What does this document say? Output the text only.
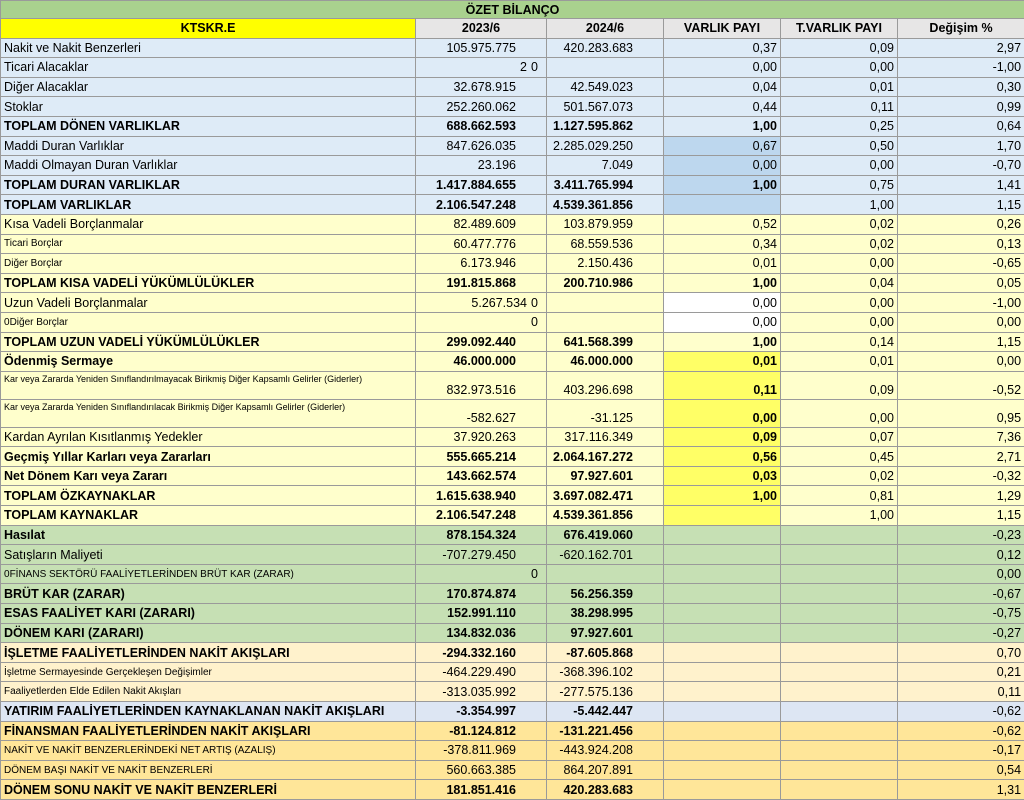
ÖZET BİLANÇO					
KTSKR.E	2023/6	2024/6	VARLIK PAYI	T.VARLIK PAYI	Değişim %
Nakit ve Nakit Benzerleri	105.975.775	420.283.683	0,37	0,09	2,97
Ticari Alacaklar	2 0		0,00	0,00	-1,00
Diğer Alacaklar	32.678.915	42.549.023	0,04	0,01	0,30
Stoklar	252.260.062	501.567.073	0,44	0,11	0,99
TOPLAM DÖNEN VARLIKLAR	688.662.593	1.127.595.862	1,00	0,25	0,64
Maddi Duran Varlıklar	847.626.035	2.285.029.250	0,67	0,50	1,70
Maddi Olmayan Duran Varlıklar	23.196	7.049	0,00	0,00	-0,70
TOPLAM DURAN VARLIKLAR	1.417.884.655	3.411.765.994	1,00	0,75	1,41
TOPLAM VARLIKLAR	2.106.547.248	4.539.361.856		1,00	1,15
Kısa Vadeli Borçlanmalar	82.489.609	103.879.959	0,52	0,02	0,26
Ticari Borçlar	60.477.776	68.559.536	0,34	0,02	0,13
Diğer Borçlar	6.173.946	2.150.436	0,01	0,00	-0,65
TOPLAM KISA VADELİ YÜKÜMLÜLÜKLER	191.815.868	200.710.986	1,00	0,04	0,05
Uzun Vadeli Borçlanmalar	5.267.534 0		0,00	0,00	-1,00

0 Diğer Borçlar	0		0,00	0,00	0,00
TOPLAM UZUN VADELİ YÜKÜMLÜLÜKLER	299.092.440	641.568.399	1,00	0,14	1,15
Ödenmiş Sermaye	46.000.000	46.000.000	0,01	0,01	0,00
Kar veya Zararda Yeniden Sınıflandırılmayacak Birikmiş Diğer Kapsamlı Gelirler (Giderler)	832.973.516	403.296.698	0,11	0,09	-0,52
Kar veya Zararda Yeniden Sınıflandırılacak Birikmiş Diğer Kapsamlı Gelirler (Giderler)	-582.627	-31.125	0,00	0,00	0,95
Kardan Ayrılan Kısıtlanmış Yedekler	37.920.263	317.116.349	0,09	0,07	7,36
Geçmiş Yıllar Karları veya Zararları	555.665.214	2.064.167.272	0,56	0,45	2,71
Net Dönem Karı veya Zararı	143.662.574	97.927.601	0,03	0,02	-0,32
TOPLAM ÖZKAYNAKLAR	1.615.638.940	3.697.082.471	1,00	0,81	1,29
TOPLAM KAYNAKLAR	2.106.547.248	4.539.361.856		1,00	1,15
Hasılat	878.154.324	676.419.060			-0,23
Satışların Maliyeti	-707.279.450	-620.162.701			0,12

0 FİNANS SEKTÖRÜ FAALİYETLERİNDEN BRÜT KAR (ZARAR)	0				0,00
BRÜT KAR (ZARAR)	170.874.874	56.256.359			-0,67
ESAS FAALİYET KARI (ZARARI)	152.991.110	38.298.995			-0,75
DÖNEM KARI (ZARARI)	134.832.036	97.927.601			-0,27
İŞLETME FAALİYETLERİNDEN NAKİT AKIŞLARI	-294.332.160	-87.605.868			0,70
İşletme Sermayesinde Gerçekleşen Değişimler	-464.229.490	-368.396.102			0,21
Faaliyetlerden Elde Edilen Nakit Akışları	-313.035.992	-277.575.136			0,11
YATIRIM FAALİYETLERİNDEN KAYNAKLANAN NAKİT AKIŞLARI	-3.354.997	-5.442.447			-0,62
FİNANSMAN FAALİYETLERİNDEN NAKİT AKIŞLARI	-81.124.812	-131.221.456			-0,62
NAKİT VE NAKİT BENZERLERİNDEKİ NET ARTIŞ (AZALIŞ)	-378.811.969	-443.924.208			-0,17
DÖNEM BAŞI NAKİT VE NAKİT BENZERLERİ	560.663.385	864.207.891			0,54
DÖNEM SONU NAKİT VE NAKİT BENZERLERİ	181.851.416	420.283.683			1,31
